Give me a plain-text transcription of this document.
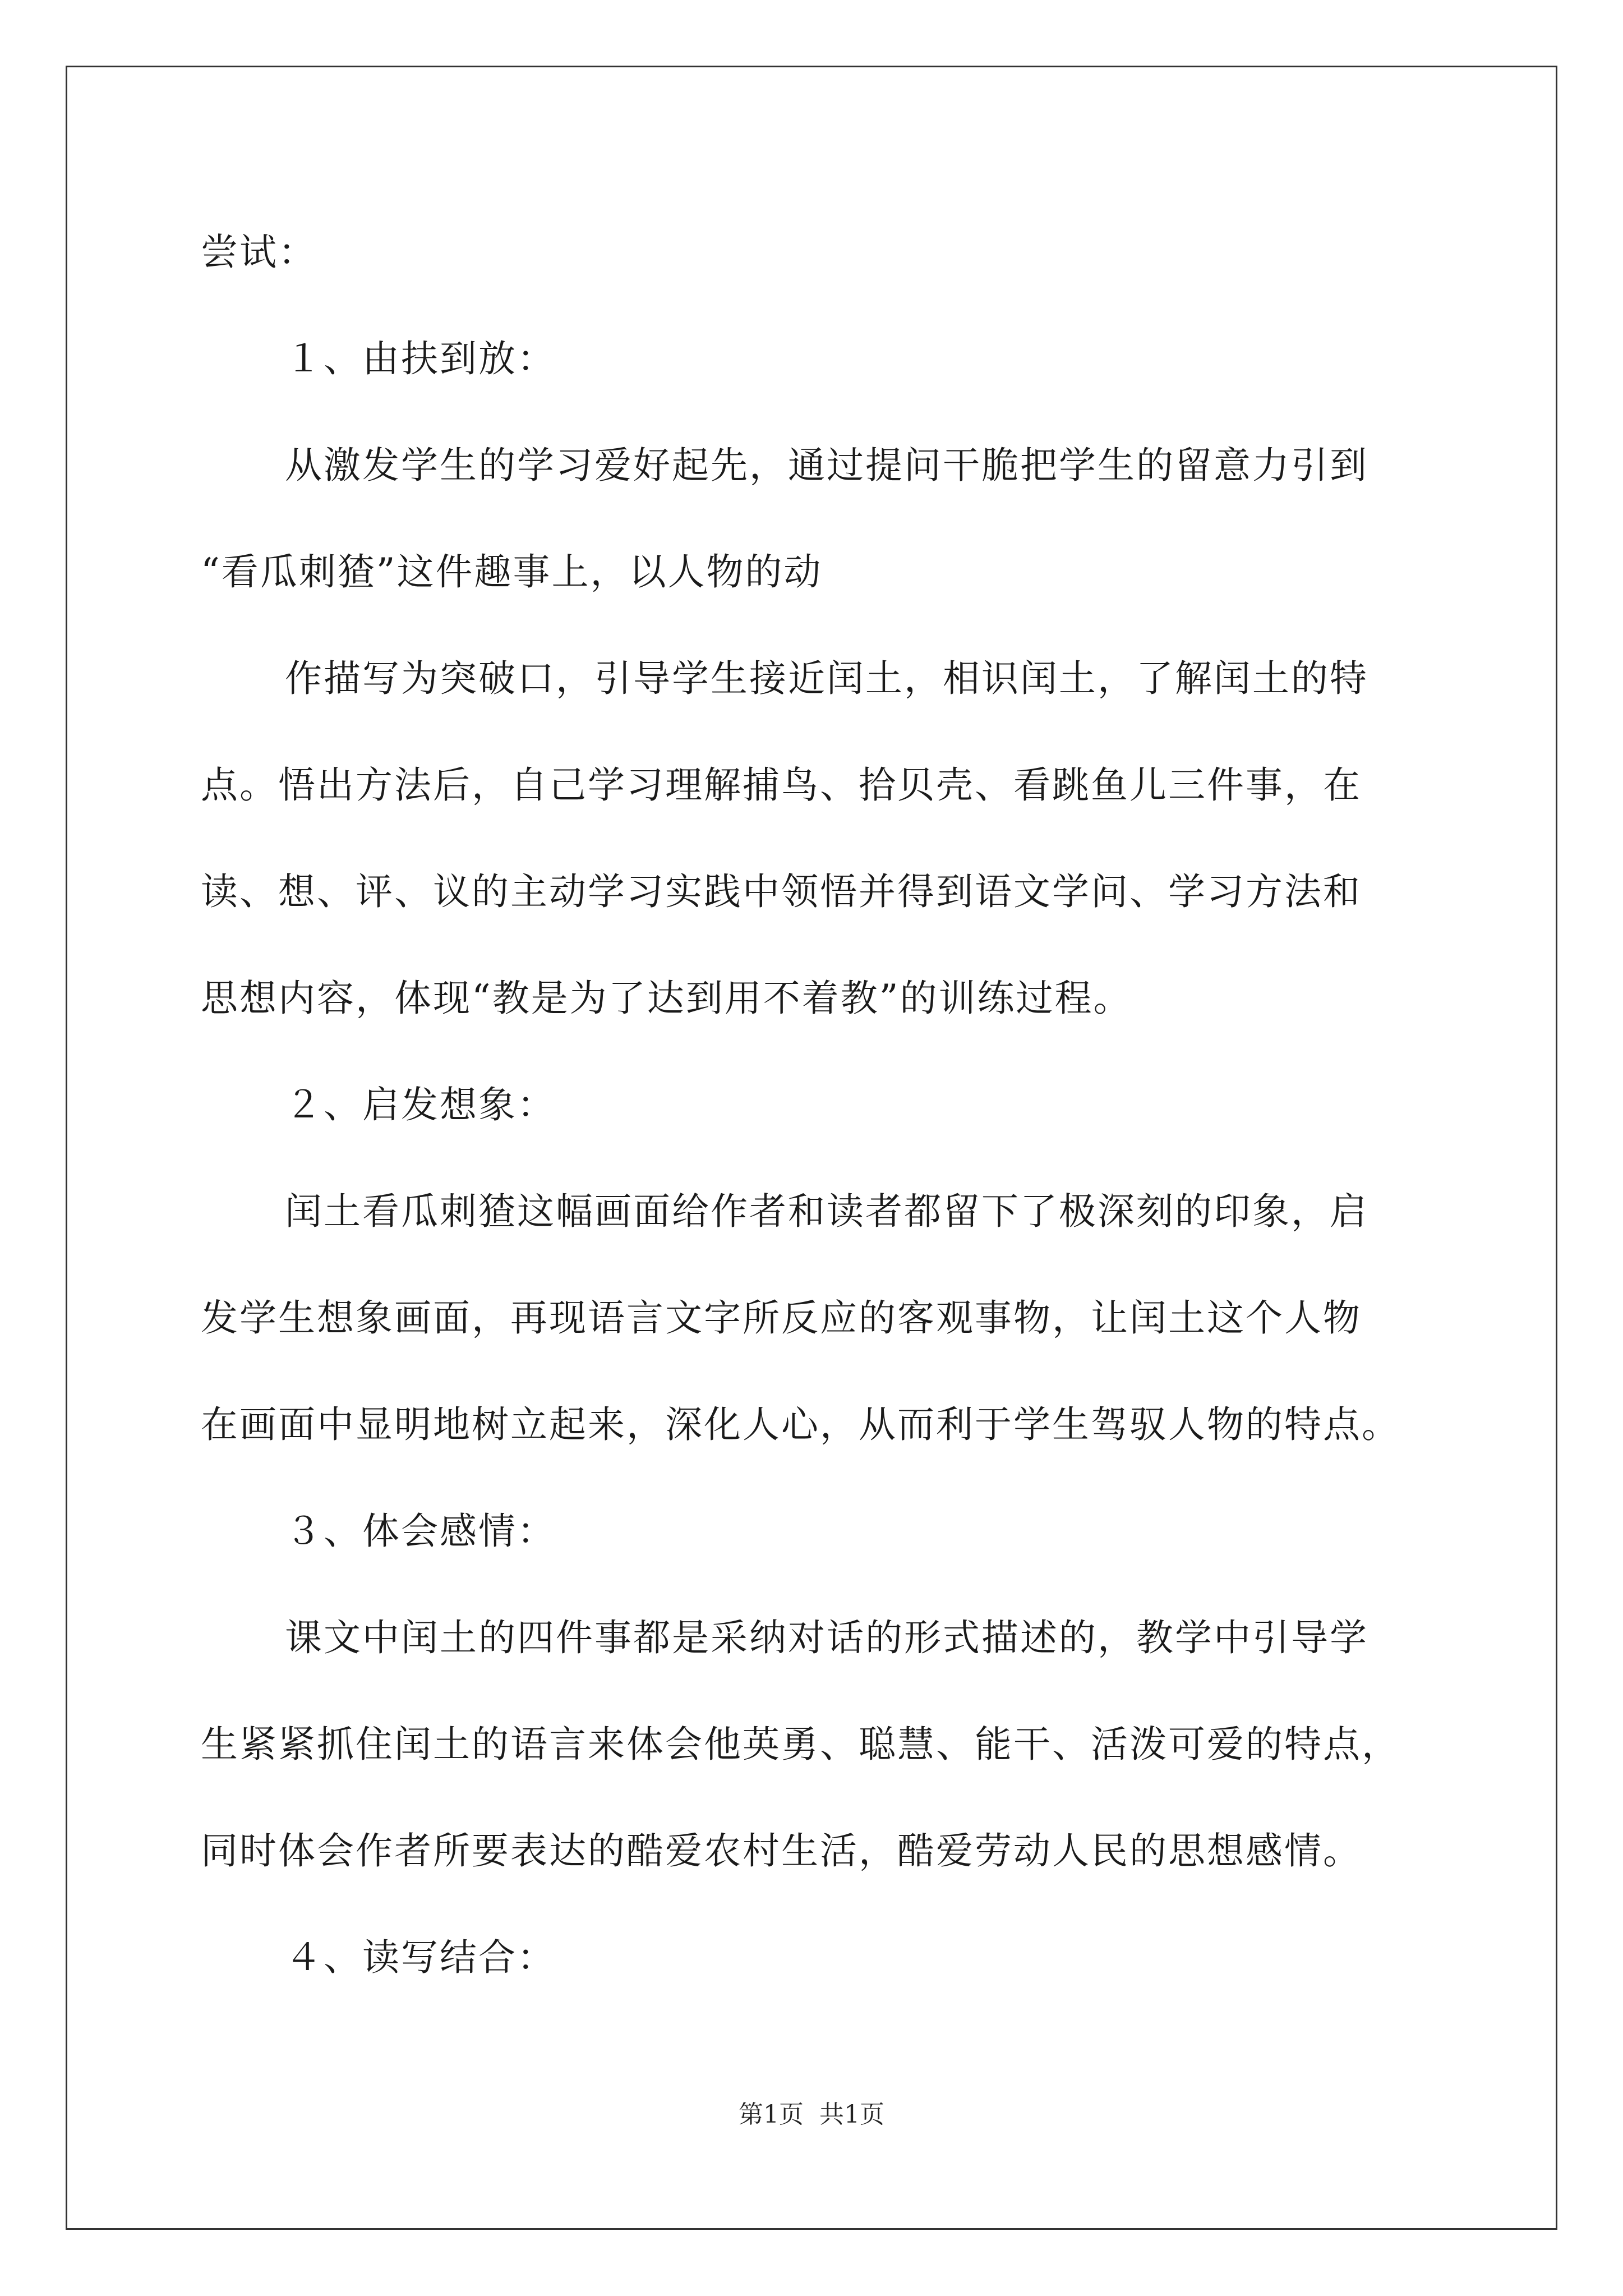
尝试：
１、由扶到放：
从激发学生的学习爱好起先，通过提问干脆把学生的留意力引到
“看瓜刺猹”这件趣事上，以人物的动
作描写为突破口，引导学生接近闰土，相识闰土，了解闰土的特
点。悟出方法后，自己学习理解捕鸟、拾贝壳、看跳鱼儿三件事，在
读、想、评、议的主动学习实践中领悟并得到语文学问、学习方法和
思想内容，体现“教是为了达到用不着教”的训练过程。
２、启发想象：
闰土看瓜刺猹这幅画面给作者和读者都留下了极深刻的印象，启
发学生想象画面，再现语言文字所反应的客观事物，让闰土这个人物
在画面中显明地树立起来，深化人心，从而利于学生驾驭人物的特点。
３、体会感情：
课文中闰土的四件事都是采纳对话的形式描述的，教学中引导学
生紧紧抓住闰土的语言来体会他英勇、聪慧、能干、活泼可爱的特点，
同时体会作者所要表达的酷爱农村生活，酷爱劳动人民的思想感情。
４、读写结合：
第1页 共1页
